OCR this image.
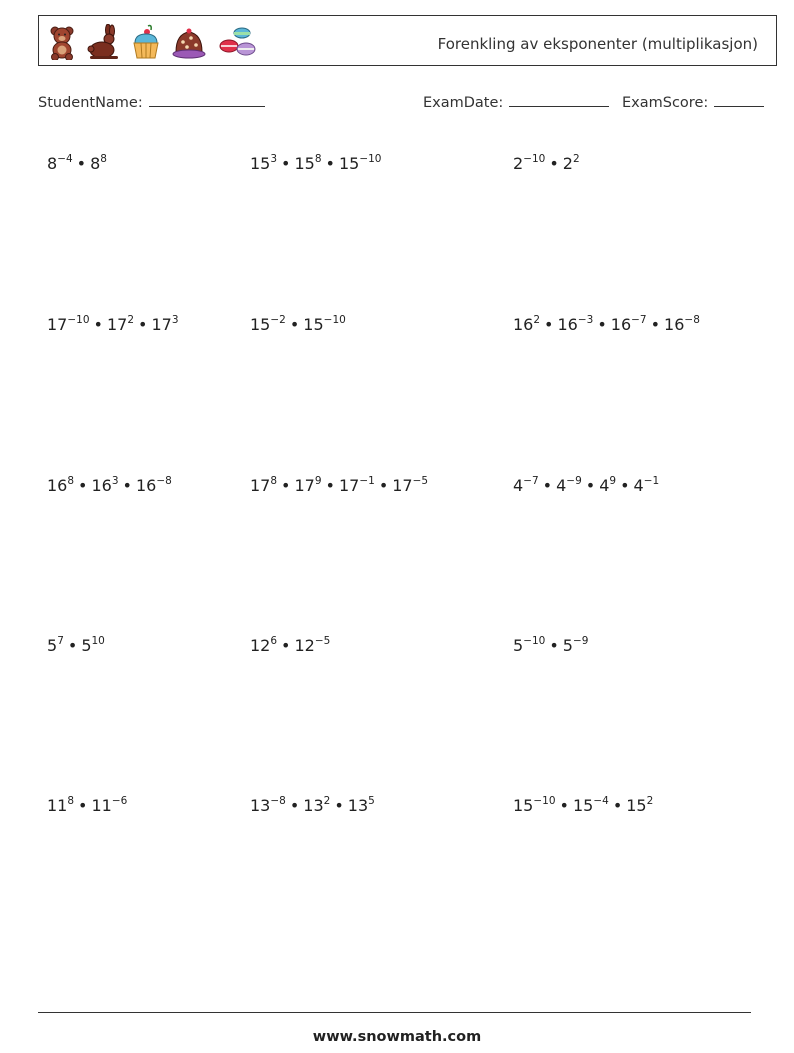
Forenkling av eksponenter (multiplikasjon)
StudentName:	ExamDate:	ExamScore:
$8^{-4}$ • $8^8$	$15^3$ • $15^8$ • $15^{-10}$	$2^{-10}$ • $2^2$
$17^{-10}$ • $17^2$ • $17^3$	$15^{-2}$ • $15^{-10}$	$16^2$ • $16^{-3}$ • $16^{-7}$ • $16^{-8}$
$16^8$ • $16^3$ • $16^{-8}$	$17^8$ • $17^9$ • $17^{-1}$ • $17^{-5}$	$4^{-7}$ • $4^{-9}$ • $4^9$ • $4^{-1}$
$5^7$ • $5^{10}$	$12^6$ • $12^{-5}$	$5^{-10}$ • $5^{-9}$
$11^8$ • $11^{-6}$	$13^{-8}$ • $13^2$ • $13^5$	$15^{-10}$ • $15^{-4}$ • $15^2$
www.snowmath.com
